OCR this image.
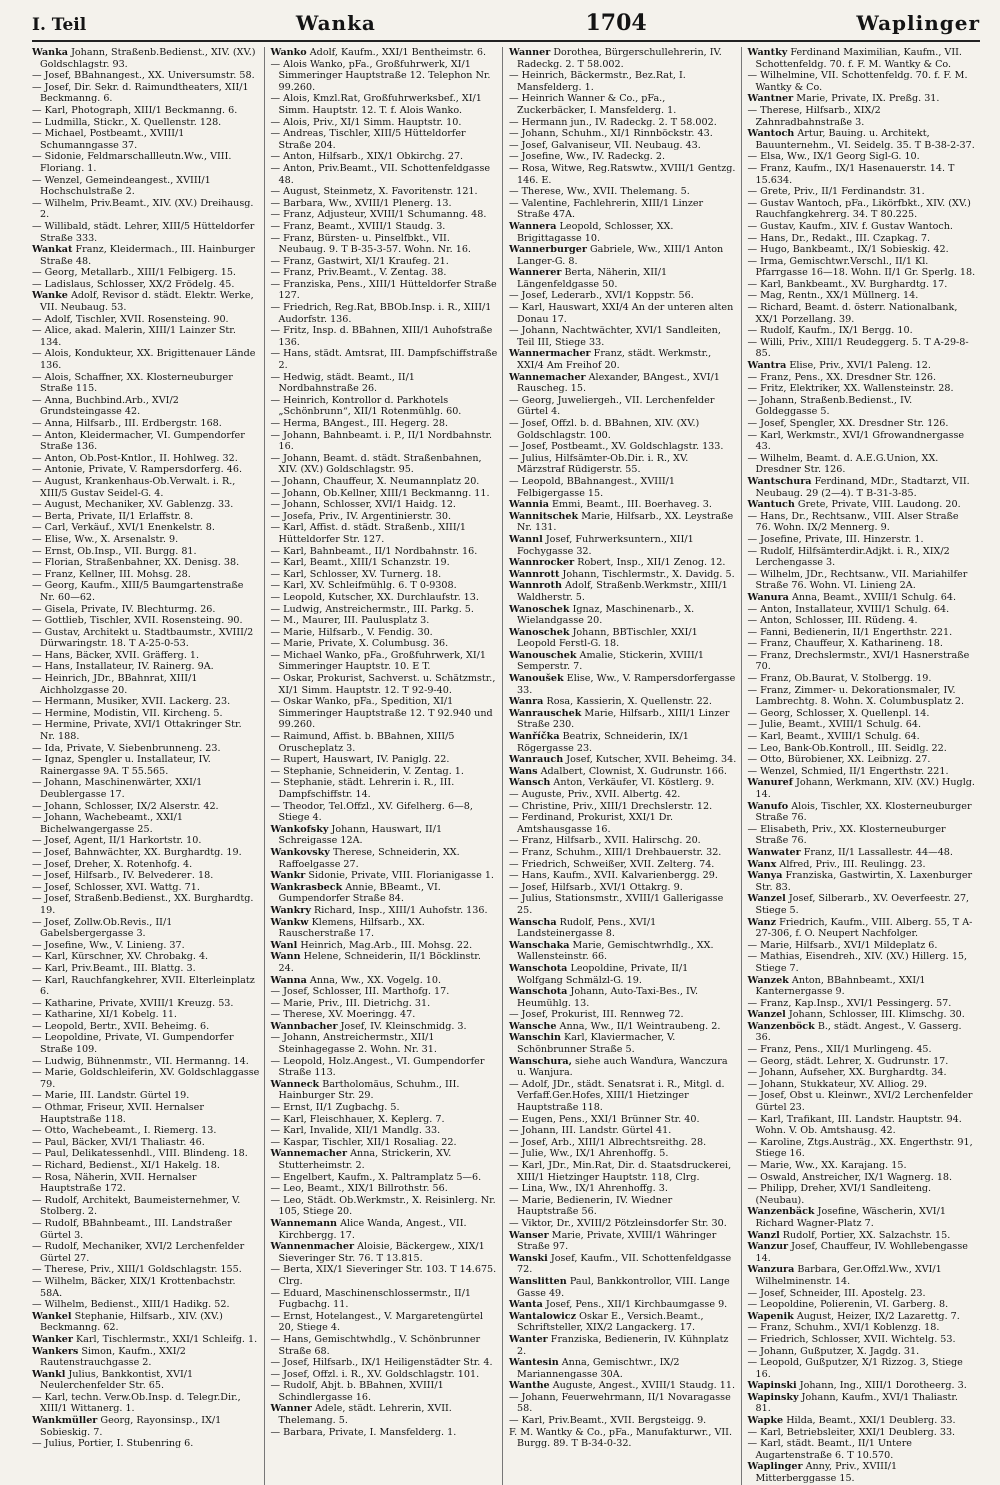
I. Teil	Wanka	1704	Waplinger

Wanka Johann, Straßenb.Bedienst., XIV. (XV.) Goldschlagstr. 93.

— Josef, BBahnangest., XX. Universumstr. 58.

— Josef, Dir. Sekr. d. Raimundtheaters, XII/1 Beckmanng. 6.

— Karl, Photograph, XIII/1 Beckmanng. 6.

— Ludmilla, Stickr., X. Quellenstr. 128.

— Michael, Postbeamt., XVIII/1 Schumanngasse 37.

— Sidonie, Feldmarschallleutn.Ww., VIII. Floriang. 1.

— Wenzel, Gemeindeangest., XVIII/1 Hochschulstraße 2.

— Wilhelm, Priv.Beamt., XIV. (XV.) Dreihausg. 2.

— Willibald, städt. Lehrer, XIII/5 Hütteldorfer Straße 333.

Wankat Franz, Kleidermach., III. Hainburger Straße 48.

— Georg, Metallarb., XIII/1 Felbigerg. 15.

— Ladislaus, Schlosser, XX/2 Frödelg. 45.

Wanke Adolf, Revisor d. städt. Elektr. Werke, VII. Neubaug. 53.

— Adolf, Tischler, XVII. Rosensteing. 90.

— Alice, akad. Malerin, XIII/1 Lainzer Str. 134.

— Alois, Kondukteur, XX. Brigittenauer Lände 136.

— Alois, Schaffner, XX. Klosterneuburger Straße 115.

— Anna, Buchbind.Arb., XVI/2 Grundsteingasse 42.

— Anna, Hilfsarb., III. Erdbergstr. 168.

— Anton, Kleidermacher, VI. Gumpendorfer Straße 136.

— Anton, Ob.Post-Kntlor., II. Hohlweg. 32.

— Antonie, Private, V. Rampersdorferg. 46.

— August, Krankenhaus-Ob.Verwalt. i. R., XIII/5 Gustav Seidel-G. 4.

— August, Mechaniker, XV. Gablenzg. 33.

— Berta, Private, II/1 Erlaffstr. 8.

— Carl, Verkäuf., XVI/1 Enenkelstr. 8.

— Elise, Ww., X. Arsenalstr. 9.

— Ernst, Ob.Insp., VII. Burgg. 81.

— Florian, Straßenbahner, XX. Denisg. 38.

— Franz, Kellner, III. Mohsg. 28.

— Georg, Kaufm., XIII/5 Baumgartenstraße Nr. 60—62.

— Gisela, Private, IV. Blechturmg. 26.

— Gottlieb, Tischler, XVII. Rosensteing. 90.

— Gustav, Architekt u. Stadtbaumstr., XVIII/2 Dürwaringstr. 18. T A-25-0-53.

— Hans, Bäcker, XVII. Gräfferg. 1.

— Hans, Installateur, IV. Rainerg. 9A.

— Heinrich, JDr., BBahnrat, XIII/1 Aichholzgasse 20.

— Hermann, Musiker, XVII. Lackerg. 23.

— Hermine, Modistin, VII. Kircheng. 5.

— Hermine, Private, XVI/1 Ottakringer Str. Nr. 188.

— Ida, Private, V. Siebenbrunneng. 23.

— Ignaz, Spengler u. Installateur, IV. Rainergasse 9A. T 55.565.

— Johann, Maschinenwärter, XXI/1 Deublergasse 17.

— Johann, Schlosser, IX/2 Alserstr. 42.

— Johann, Wachebeamt., XXI/1 Bichelwangergasse 25.

— Josef, Agent, II/1 Harkortstr. 10.

— Josef, Bahnwächter, XX. Burghardtg. 19.

— Josef, Dreher, X. Rotenhofg. 4.

— Josef, Hilfsarb., IV. Belvederег. 18.

— Josef, Schlosser, XVI. Wattg. 71.

— Josef, Straßenb.Bedienst., XX. Burghardtg. 19.

— Josef, Zollw.Ob.Revis., II/1 Gabelsbergergasse 3.

— Josefine, Ww., V. Linieng. 37.

— Karl, Kürschner, XV. Chrobakg. 4.

— Karl, Priv.Beamt., III. Blattg. 3.

— Karl, Rauchfangkehrer, XVII. Elterleinplatz 6.

— Katharine, Private, XVIII/1 Kreuzg. 53.

— Katharine, XI/1 Kobelg. 11.

— Leopold, Bertr., XVII. Beheimg. 6.

— Leopoldine, Private, VI. Gumpendorfer Straße 109.

— Ludwig, Bühnenmstr., VII. Hermanng. 14.

— Marie, Goldschleiferin, XV. Goldschlaggasse 79.

— Marie, III. Landstr. Gürtel 19.

— Othmar, Friseur, XVII. Hernalser Hauptstraße 118.

— Otto, Wachebeamt., I. Riemerg. 13.

— Paul, Bäcker, XVI/1 Thaliastr. 46.

— Paul, Delikatessenhdl., VIII. Blindeng. 18.

— Richard, Bedienst., XI/1 Hakelg. 18.

— Rosa, Näherin, XVII. Hernalser Hauptstraße 172.

— Rudolf, Architekt, Baumeisternehmer, V. Stolberg. 2.

— Rudolf, BBahnbeamt., III. Landstraßer Gürtel 3.

— Rudolf, Mechaniker, XVI/2 Lerchenfelder Gürtel 27.

— Therese, Priv., XIII/1 Goldschlagstr. 155.

— Wilhelm, Bäcker, XIX/1 Krottenbachstr. 58A.

— Wilhelm, Bedienst., XIII/1 Hadikg. 52.

Wankel Stephanie, Hilfsarb., XIV. (XV.) Beckmanng. 62.

Wanker Karl, Tischlermstr., XXI/1 Schleifg. 1.

Wankers Simon, Kaufm., XXI/2 Rautenstrauchgasse 2.

Wankl Julius, Bankkontist, XVI/1 Neulerchenfelder Str. 65.

— Karl, techn. Verw.Ob.Insp. d. Telegr.Dir., XIII/1 Wittanerg. 1.

Wankmüller Georg, Rayonsinsp., IX/1 Sobieskig. 7.

— Julius, Portier, I. Stubenring 6.

Wanko Adolf, Kaufm., XXI/1 Bentheimstr. 6.

— Alois Wanko, pFa., Großfuhrwerk, XI/1 Simmeringer Hauptstraße 12. Telephon Nr. 99.260.

— Alois, Kmzl.Rat, Großfuhrwerksbef., XI/1 Simm. Hauptstr. 12. T. f. Alois Wanko.

— Alois, Priv., XI/1 Simm. Hauptstr. 10.

— Andreas, Tischler, XIII/5 Hütteldorfer Straße 204.

— Anton, Hilfsarb., XIX/1 Obkirchg. 27.

— Anton, Priv.Beamt., VII. Schottenfeldgasse 48.

— August, Steinmetz, X. Favoritenstr. 121.

— Barbara, Ww., XVIII/1 Plenerg. 13.

— Franz, Adjusteur, XVIII/1 Schumanng. 48.

— Franz, Beamt., XVIII/1 Staudg. 3.

— Franz, Bürsten- u. Pinselfbkt., VII. Neubaug. 9. T B-35-3-57. Wohn. Nr. 16.

— Franz, Gastwirt, XI/1 Kraufeg. 21.

— Franz, Priv.Beamt., V. Zentag. 38.

— Franziska, Pens., XIII/1 Hütteldorfer Straße 127.

— Friedrich, Reg.Rat, BBOb.Insp. i. R., XIII/1 Audorfstr. 136.

— Fritz, Insp. d. BBahnen, XIII/1 Auhofstraße 136.

— Hans, städt. Amtsrat, III. Dampfschiffstraße 2.

— Hedwig, städt. Beamt., II/1 Nordbahnstraße 26.

— Heinrich, Kontrollor d. Parkhotels „Schönbrunn“, XII/1 Rotenmühlg. 60.

— Herma, BAngest., III. Hegerg. 28.

— Johann, Bahnbeamt. i. P., II/1 Nordbahnstr. 16.

— Johann, Beamt. d. städt. Straßenbahnen, XIV. (XV.) Goldschlagstr. 95.

— Johann, Chauffeur, X. Neumannplatz 20.

— Johann, Ob.Kellner, XIII/1 Beckmanng. 11.

— Johann, Schlosser, XVI/1 Haidg. 12.

— Josefa, Priv., IV. Argentinierstr. 30.

— Karl, Affist. d. städt. Straßenb., XIII/1 Hütteldorfer Str. 127.

— Karl, Bahnbeamt., II/1 Nordbahnstr. 16.

— Karl, Beamt., XIII/1 Schanzstr. 19.

— Karl, Schlosser, XV. Turnerg. 18.

— Karl, XV. Schleifmühlg. 6. T 0-9308.

— Leopold, Kutscher, XX. Durchlaufstr. 13.

— Ludwig, Anstreichermstr., III. Parkg. 5.

— M., Maurer, III. Paulusplatz 3.

— Marie, Hilfsarb., V. Fendig. 30.

— Marie, Private, X. Columbusg. 36.

— Michael Wanko, pFa., Großfuhrwerk, XI/1 Simmeringer Hauptstr. 10. E T.

— Oskar, Prokurist, Sachverst. u. Schätzmstr., XI/1 Simm. Hauptstr. 12. T 92-9-40.

— Oskar Wanko, pFa., Spedition, XI/1 Simmeringer Hauptstraße 12. T 92.940 und 99.260.

— Raimund, Affist. b. BBahnen, XIII/5 Oruscheplatz 3.

— Rupert, Hauswart, IV. Paniglg. 22.

— Stephanie, Schneiderin, V. Zentag. 1.

— Stephanie, städt. Lehrerin i. R., III. Dampfschiffstr. 14.

— Theodor, Tel.Offzl., XV. Gifelherg. 6—8, Stiege 4.

Wankofsky Johann, Hauswart, II/1 Schreigasse 12A.

Wankovsky Therese, Schneiderin, XX. Raffoelgasse 27.

Wankr Sidonie, Private, VIII. Florianigasse 1.

Wankrasbeck Annie, BBeamt., VI. Gumpendorfer Straße 84.

Wankry Richard, Insp., XIII/1 Auhofstr. 136.

Wankw Klemens, Hilfsarb., XX. Rauscherstraße 17.

Wanl Heinrich, Mag.Arb., III. Mohsg. 22.

Wann Helene, Schneiderin, II/1 Böcklinstr. 24.

Wanna Anna, Ww., XX. Vogelg. 10.

— Josef, Schlosser, III. Marthofg. 17.

— Marie, Priv., III. Dietrichg. 31.

— Therese, XV. Moeringg. 47.

Wannbacher Josef, IV. Kleinschmidg. 3.

— Johann, Anstreichermstr., XII/1 Steinhagegasse 2. Wohn. Nr. 31.

— Leopold, Holz.Angest., VI. Gumpendorfer Straße 113.

Wanneck Bartholomäus, Schuhm., III. Hainburger Str. 29.

— Ernst, II/1 Zugbachg. 5.

— Karl, Fleischhauer, X. Keplerg. 7.

— Karl, Invalide, XII/1 Mandlg. 33.

— Kaspar, Tischler, XII/1 Rosaliag. 22.

Wannemacher Anna, Strickerin, XV. Stutterheimstr. 2.

— Engelbert, Kaufm., X. Paltramplatz 5—6.

— Leo, Beamt., XIX/1 Billrothstr. 56.

— Leo, Städt. Ob.Werkmstr., X. Reisinlerg. Nr. 105, Stiege 20.

Wannemann Alice Wanda, Angest., VII. Kirchbergg. 17.

Wannenmacher Aloisie, Bäckergew., XIX/1 Sieveringer Str. 76. T 13.815.

— Berta, XIX/1 Sieveringer Str. 103. T 14.675. Clrg.

— Eduard, Maschinenschlossermstr., II/1 Fugbachg. 11.

— Ernst, Hotelangest., V. Margaretengürtel 20, Stiege 4.

— Hans, Gemischtwhdlg., V. Schönbrunner Straße 68.

— Josef, Hilfsarb., IX/1 Heiligenstädter Str. 4.

— Josef, Offzl. i. R., XV. Goldschlagstr. 101.

— Rudolf, Abjt. b. BBahnen, XVIII/1 Schindlergasse 16.

Wanner Adele, städt. Lehrerin, XVII. Thelemang. 5.

— Barbara, Private, I. Mansfelderg. 1.

Wanner Dorothea, Bürgerschullehrerin, IV. Radeckg. 2. T 58.002.

— Heinrich, Bäckermstr., Bez.Rat, I. Mansfelderg. 1.

— Heinrich Wanner & Co., pFa., Zuckerbäcker, I. Mansfelderg. 1.

— Hermann jun., IV. Radeckg. 2. T 58.002.

— Johann, Schuhm., XI/1 Rinnböckstr. 43.

— Josef, Galvaniseur, VII. Neubaug. 43.

— Josefine, Ww., IV. Radeckg. 2.

— Rosa, Witwe, Reg.Ratswtw., XVIII/1 Gentzg. 146. E.

— Therese, Ww., XVII. Thelemang. 5.

— Valentine, Fachlehrerin, XIII/1 Linzer Straße 47A.

Wannera Leopold, Schlosser, XX. Brigittagasse 10.

Wannerburger Gabriele, Ww., XIII/1 Anton Langer-G. 8.

Wannerer Berta, Näherin, XII/1 Längenfeldgasse 50.

— Josef, Lederarb., XVI/1 Koppstr. 56.

— Karl, Hauswart, XXI/4 An der unteren alten Donau 17.

— Johann, Nachtwächter, XVI/1 Sandleiten, Teil III, Stiege 33.

Wannermacher Franz, städt. Werkmstr., XXI/4 Am Freihof 20.

Wannemacher Alexander, BAngest., XVI/1 Rauscheg. 15.

— Georg, Juweliergeh., VII. Lerchenfelder Gürtel 4.

— Josef, Offzl. b. d. BBahnen, XIV. (XV.) Goldschlagstr. 100.

— Josef, Postbeamt., XV. Goldschlagstr. 133.

— Julius, Hilfsämter-Ob.Dir. i. R., XV. Märzstraf Rüdigerstr. 55.

— Leopold, BBahnangest., XVIII/1 Felbigergasse 15.

Wannia Emmi, Beamt., III. Boerhaveg. 3.

Wannitschek Marie, Hilfsarb., XX. Leystraße Nr. 131.

Wannl Josef, Fuhrwerksuntern., XII/1 Fochygasse 32.

Wannrocker Robert, Insp., XII/1 Zenog. 12.

Wannrott Johann, Tischlermstr., X. Davidg. 5.

Wannroth Adolf, Straßenb.Werkmstr., XIII/1 Waldherstr. 5.

Wanoschek Ignaz, Maschinenarb., X. Wielandgasse 20.

Wanoschek Johann, BBTischler, XXI/1 Leopold Ferstl-G. 18.

Wanouschek Amalie, Stickerin, XVIII/1 Semperstr. 7.

Wanoušek Elise, Ww., V. Rampersdorfergasse 33.

Wanra Rosa, Kassierin, X. Quellenstr. 22.

Wanrauschek Marie, Hilfsarb., XIII/1 Linzer Straße 230.

Wanříčka Beatrix, Schneiderin, IX/1 Rögergasse 23.

Wanrauch Josef, Kutscher, XVII. Beheimg. 34.

Wans Adalbert, Clownist, X. Gudrunstr. 166.

Wansch Anton, Verkäufer, VI. Köstlerg. 9.

— Auguste, Priv., XVII. Albertg. 42.

— Christine, Priv., XIII/1 Drechslerstr. 12.

— Ferdinand, Prokurist, XXI/1 Dr. Amtshausgasse 16.

— Franz, Hilfsarb., XVII. Halirschg. 20.

— Franz, Schuhm., XIII/1 Drehbauerstr. 32.

— Friedrich, Schweißer, XVII. Zelterg. 74.

— Hans, Kaufm., XVII. Kalvarienbergg. 29.

— Josef, Hilfsarb., XVI/1 Ottakrg. 9.

— Julius, Stationsmstr., XVIII/1 Gallerigasse 25.

Wanscha Rudolf, Pens., XVI/1 Landsteinergasse 8.

Wanschaka Marie, Gemischtwrhdlg., XX. Wallensteinstr. 66.

Wanschota Leopoldine, Private, II/1 Wolfgang Schmälzl-G. 19.

Wanschota Johann, Auto-Taxi-Bes., IV. Heumühlg. 13.

— Josef, Prokurist, III. Rennweg 72.

Wansche Anna, Ww., II/1 Weintraubeng. 2.

Wanschin Karl, Klaviermacher, V. Schönbrunner Straße 5.

Wanschura, siehe auch Wanďura, Wanczura u. Wanjura.

— Adolf, JDr., städt. Senatsrat i. R., Mitgl. d. Verfaff.Ger.Hofes, XIII/1 Hietzinger Hauptstraße 118.

— Eugen, Pens., XXI/1 Brünner Str. 40.

— Johann, III. Landstr. Gürtel 41.

— Josef, Arb., XIII/1 Albrechtsreithg. 28.

— Julie, Ww., IX/1 Ahrenhoffg. 5.

— Karl, JDr., Min.Rat, Dir. d. Staatsdruckerei, XIII/1 Hietzinger Hauptstr. 118, Clrg.

— Lina, Ww., IX/1 Ahrenhoffg. 3.

— Marie, Bedienerin, IV. Wiedner Hauptstraße 56.

— Viktor, Dr., XVIII/2 Pötzleinsdorfer Str. 30.

Wanser Marie, Private, XVIII/1 Währinger Straße 97.

Wanski Josef, Kaufm., VII. Schottenfeldgasse 72.

Wanslitten Paul, Bankkontrollor, VIII. Lange Gasse 49.

Wanta Josef, Pens., XII/1 Kirchbaumgasse 9.

Wantalowicz Oskar E., Versich.Beamt., Schriftsteller, XIX/2 Langackerg. 17.

Wanter Franziska, Bedienerin, IV. Kühnplatz 2.

Wantesin Anna, Gemischtwr., IX/2 Mariannengasse 30A.

Wanthe Auguste, Angest., XVIII/1 Staudg. 11.

— Johann, Feuerwehrmann, II/1 Novaragasse 58.

— Karl, Priv.Beamt., XVII. Bergsteigg. 9.

F. M. Wantky & Co., pFa., Manufakturwr., VII. Burgg. 89. T B-34-0-32.

Wantky Ferdinand Maximilian, Kaufm., VII. Schottenfeldg. 70. f. F. M. Wantky & Co.

— Wilhelmine, VII. Schottenfeldg. 70. f. F. M. Wantky & Co.

Wantner Marie, Private, IX. Preßg. 31.

— Therese, Hilfsarb., XIX/2 Zahnradbahnstraße 3.

Wantoch Artur, Bauing. u. Architekt, Bauunternehm., VI. Seidelg. 35. T B-38-2-37.

— Elsa, Ww., IX/1 Georg Sigl-G. 10.

— Franz, Kaufm., IX/1 Hasenauerstr. 14. T 15.634.

— Grete, Priv., II/1 Ferdinandstr. 31.

— Gustav Wantoch, pFa., Likörfbkt., XIV. (XV.) Rauchfangkehrerg. 34. T 80.225.

— Gustav, Kaufm., XIV. f. Gustav Wantoch.

— Hans, Dr., Redakt., III. Czapkag. 7.

— Hugo, Bankbeamt., IX/1 Sobieskig. 42.

— Irma, Gemischtwr.Verschl., II/1 Kl. Pfarrgasse 16—18. Wohn. II/1 Gr. Sperlg. 18.

— Karl, Bankbeamt., XV. Burghardtg. 17.

— Mag, Rentn., XX/1 Müllnerg. 14.

— Richard, Beamt. d. österr. Nationalbank, XX/1 Porzellang. 39.

— Rudolf, Kaufm., IX/1 Bergg. 10.

— Willi, Priv., XIII/1 Reudeggerg. 5. T A-29-8-85.

Wantra Elise, Priv., XVI/1 Paleng. 12.

— Franz, Pens., XX. Dresdner Str. 126.

— Fritz, Elektriker, XX. Wallensteinstr. 28.

— Johann, Straßenb.Bedienst., IV. Goldeggasse 5.

— Josef, Spengler, XX. Dresdner Str. 126.

— Karl, Werkmstr., XVI/1 Gfrowandnergasse 43.

— Wilhelm, Beamt. d. A.E.G.Union, XX. Dresdner Str. 126.

Wantschura Ferdinand, MDr., Stadtarzt, VII. Neubaug. 29 (2—4). T B-31-3-85.

Wantuch Grete, Private, VIII. Laudong. 20.

— Hans, Dr., Rechtsanw., VIII. Alser Straße 76. Wohn. IX/2 Mennerg. 9.

— Josefine, Private, III. Hinzerstr. 1.

— Rudolf, Hilfsämterdir.Adjkt. i. R., XIX/2 Lerchengasse 3.

— Wilhelm, JDr., Rechtsanw., VII. Mariahilfer Straße 76. Wohn. VI. Linieng 2A.

Wanura Anna, Beamt., XVIII/1 Schulg. 64.

— Anton, Installateur, XVIII/1 Schulg. 64.

— Anton, Schlosser, III. Rüdeng. 4.

— Fanni, Bedienerin, II/1 Engerthstr. 221.

— Franz, Chauffeur, X. Katharineng. 18.

— Franz, Drechslermstr., XVI/1 Hasnerstraße 70.

— Franz, Ob.Baurat, V. Stolbergg. 19.

— Franz, Zimmer- u. Dekorationsmaler, IV. Lambrechtg. 8. Wohn. X. Columbusplatz 2.

— Georg, Schlosser, X. Quellenpl. 14.

— Julie, Beamt., XVIII/1 Schulg. 64.

— Karl, Beamt., XVIII/1 Schulg. 64.

— Leo, Bank-Ob.Kontroll., III. Seidlg. 22.

— Otto, Bürobiener, XX. Leibnizg. 27.

— Wenzel, Schmied, II/1 Engerthstr. 221.

Wanuref Johann, Werkmann, XIV. (XV.) Huglg. 14.

Wanufo Alois, Tischler, XX. Klosterneuburger Straße 76.

— Elisabeth, Priv., XX. Klosterneuburger Straße 76.

Wanwater Franz, II/1 Lassallestr. 44—48.

Wanx Alfred, Priv., III. Reulingg. 23.

Wanya Franziska, Gastwirtin, X. Laxenburger Str. 83.

Wanzel Josef, Silberarb., XV. Oeverfeestr. 27, Stiege 5.

Wanz Friedrich, Kaufm., VIII. Alberg. 55, T A-27-306, f. O. Neupert Nachfolger.

— Marie, Hilfsarb., XVI/1 Mildeplatz 6.

— Mathias, Eisendreh., XIV. (XV.) Hillerg. 15, Stiege 7.

Wanzek Anton, BBahnbeamt., XXI/1 Kanternergasse 9.

— Franz, Kap.Insp., XVI/1 Pessingerg. 57.

Wanzel Johann, Schlosser, III. Klimschg. 30.

Wanzenböck B., städt. Angest., V. Gasserg. 36.

— Franz, Pens., XII/1 Murlingeng. 45.

— Georg, städt. Lehrer, X. Gudrunstr. 17.

— Johann, Aufseher, XX. Burghardtg. 34.

— Johann, Stukkateur, XV. Alliog. 29.

— Josef, Obst u. Kleinwr., XVI/2 Lerchenfelder Gürtel 23.

— Karl, Trafikant, III. Landstr. Hauptstr. 94. Wohn. V. Ob. Amtshausg. 42.

— Karoline, Ztgs.Austräg., XX. Engerthstr. 91, Stiege 16.

— Marie, Ww., XX. Karajang. 15.

— Oswald, Anstreicher, IX/1 Wagnerg. 18.

— Philipp, Dreher, XVI/1 Sandleiteng. (Neubau).

Wanzenbäck Josefine, Wäscherin, XVI/1 Richard Wagner-Platz 7.

Wanzl Rudolf, Portier, XX. Salzachstr. 15.

Wanzur Josef, Chauffeur, IV. Wohllebengasse 14.

Wanzura Barbara, Ger.Offzl.Ww., XVI/1 Wilhelminenstr. 14.

— Josef, Schneider, III. Apostelg. 23.

— Leopoldine, Polierenin, VI. Garberg. 8.

Wapenik August, Heizer, IX/2 Lazarettg. 7.

— Franz, Schuhm., XVI/1 Koblenzg. 18.

— Friedrich, Schlosser, XVII. Wichtelg. 53.

— Johann, Gußputzer, X. Jagdg. 31.

— Leopold, Gußputzer, X/1 Rizzog. 3, Stiege 16.

Wapinski Johann, Ing., XIII/1 Dorotheerg. 3.

Wapinsky Johann, Kaufm., XVI/1 Thaliastr. 81.

Wapke Hilda, Beamt., XXI/1 Deublerg. 33.

— Karl, Betriebsleiter, XXI/1 Deublerg. 33.

— Karl, städt. Beamt., II/1 Untere Augartenstraße 6. T 10.570.

Waplinger Anny, Priv., XVIII/1 Mitterberggasse 15.
